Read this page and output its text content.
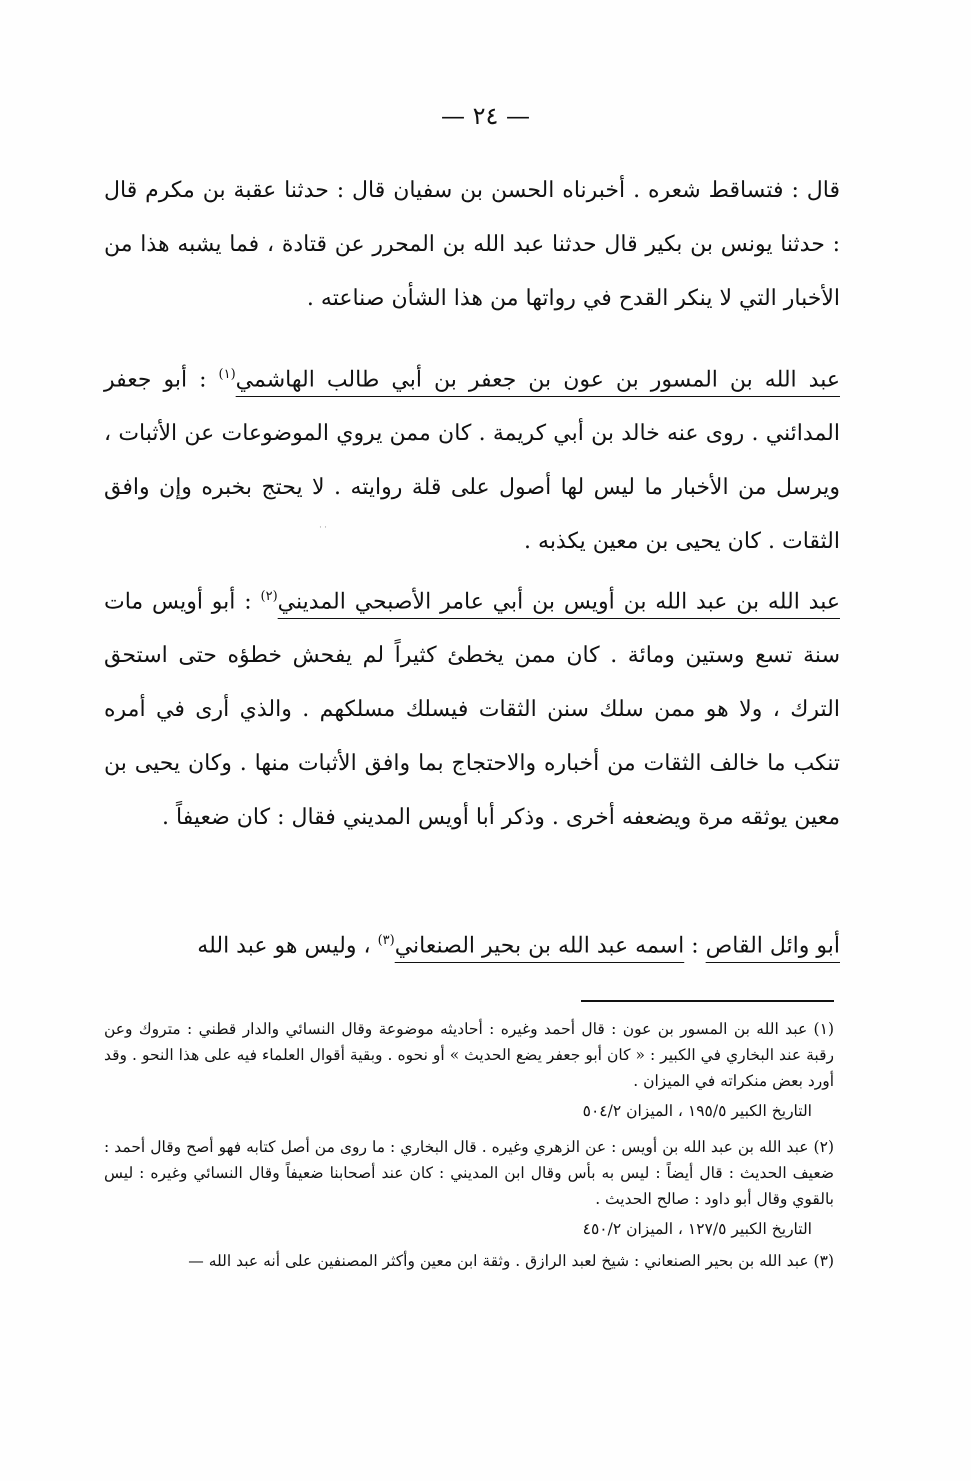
— ٢٤ —

قال : فتساقط شعره . أخبرناه الحسن بن سفيان قال : حدثنا عقبة بن مكرم قال : حدثنا يونس بن بكير قال حدثنا عبد الله بن المحرر عن قتادة ، فما يشبه هذا من الأخبار التي لا ينكر القدح في رواتها من هذا الشأن صناعته .

عبد الله بن المسور بن عون بن جعفر بن أبي طالب الهاشمي$^{(١)}$ : أبو جعفر المدائني . روى عنه خالد بن أبي كريمة . كان ممن يروي الموضوعات عن الأثبات ، ويرسل من الأخبار ما ليس لها أصول على قلة روايته . لا يحتج بخبره وإن وافق الثقات . كان يحيى بن معين يكذبه .

عبد الله بن عبد الله بن أويس بن أبي عامر الأصبحي المديني$^{(٢)}$ : أبو أويس مات سنة تسع وستين ومائة . كان ممن يخطئ كثيراً لم يفحش خطؤه حتى استحق الترك ، ولا هو ممن سلك سنن الثقات فيسلك مسلكهم . والذي أرى في أمره تنكب ما خالف الثقات من أخباره والاحتجاج بما وافق الأثبات منها . وكان يحيى بن معين يوثقه مرة ويضعفه أخرى . وذكر أبا أويس المديني فقال : كان ضعيفاً .

أبو وائل القاص : اسمه عبد الله بن بحير الصنعاني$^{(٣)}$ ، وليس هو عبد الله

˙˙

(١) عبد الله بن المسور بن عون : قال أحمد وغيره : أحاديثه موضوعة وقال النسائي والدار قطني : متروك وعن رقبة عند البخاري في الكبير : « كان أبو جعفر يضع الحديث » أو نحوه . وبقية أقوال العلماء فيه على هذا النحو . وقد أورد بعض منكراته في الميزان .

التاريخ الكبير ١٩٥/٥ ، الميزان ٥٠٤/٢

(٢) عبد الله بن عبد الله بن أويس : عن الزهري وغيره . قال البخاري : ما روى من أصل كتابه فهو أصح وقال أحمد : ضعيف الحديث : قال أيضاً : ليس به بأس وقال ابن المديني : كان عند أصحابنا ضعيفاً وقال النسائي وغيره : ليس بالقوي وقال أبو داود : صالح الحديث .

التاريخ الكبير ١٢٧/٥ ، الميزان ٤٥٠/٢

(٣) عبد الله بن بحير الصنعاني : شيخ لعبد الرازق . وثقة ابن معين وأكثر المصنفين على أنه عبد الله —
